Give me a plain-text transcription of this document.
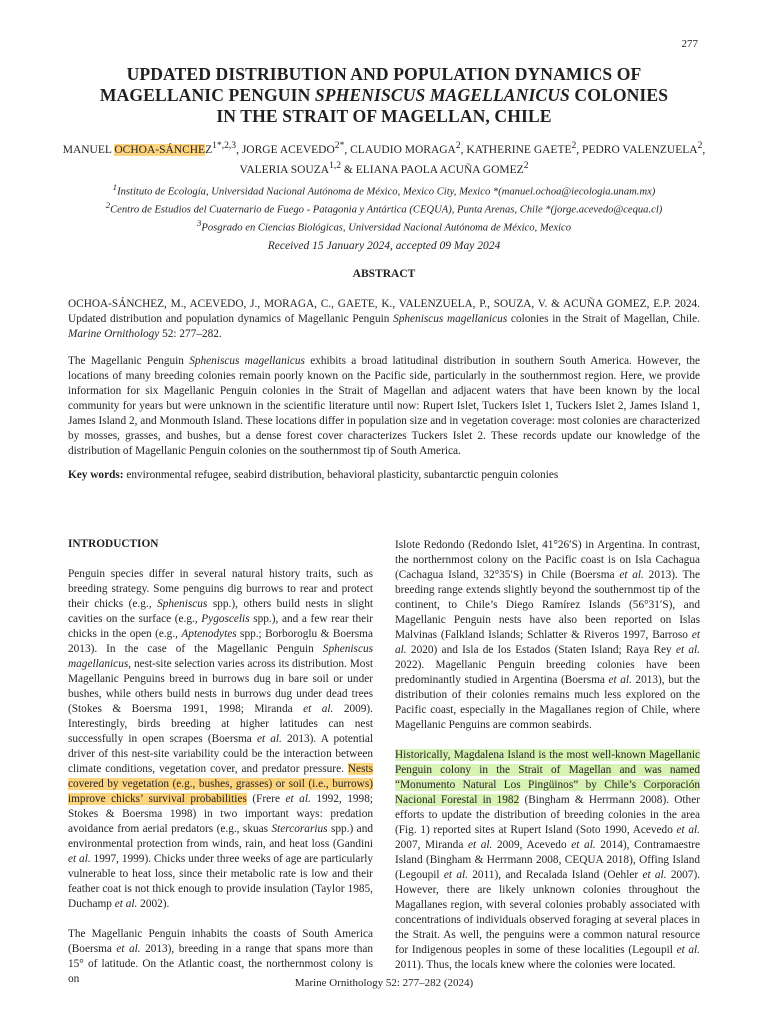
277
UPDATED DISTRIBUTION AND POPULATION DYNAMICS OF
MAGELLANIC PENGUIN SPHENISCUS MAGELLANICUS COLONIES
IN THE STRAIT OF MAGELLAN, CHILE
MANUEL OCHOA-$SÁNCHEZ^{1*,2,3}$, JORGE $ACEVEDO^{2*}$, CLAUDIO MORAGA$^2$, KATHERINE GAETE$^2$, PEDRO VALENZUELA$^2$,
VALERIA SOUZA$^{1,2}$ & ELIANA PAOLA ACUÑA GOMEZ$^2$
$^1$Instituto de Ecología, Universidad Nacional Autónoma de México, Mexico City, Mexico *(manuel.ochoa@iecologia.unam.mx)
$^2$Centro de Estudios del Cuaternario de Fuego - Patagonia y Antártica (CEQUA), Punta Arenas, Chile *(jorge.acevedo@cequa.cl)
$^3$Posgrado en Ciencias Biológicas, Universidad Nacional Autónoma de México, Mexico
Received 15 January 2024, accepted 09 May 2024
ABSTRACT
OCHOA-SÁNCHEZ, M., ACEVEDO, J., MORAGA, C., GAETE, K., VALENZUELA, P., SOUZA, V. & ACUÑA GOMEZ, E.P. 2024. Updated distribution and population dynamics of Magellanic Penguin Spheniscus magellanicus colonies in the Strait of Magellan, Chile. Marine Ornithology 52: 277–282.
The Magellanic Penguin Spheniscus magellanicus exhibits a broad latitudinal distribution in southern South America. However, the locations of many breeding colonies remain poorly known on the Pacific side, particularly in the southernmost region. Here, we provide information for six Magellanic Penguin colonies in the Strait of Magellan and adjacent waters that have been known by the local community for years but were unknown in the scientific literature until now: Rupert Islet, Tuckers Islet 1, Tuckers Islet 2, James Island 1, James Island 2, and Monmouth Island. These locations differ in population size and in vegetation coverage: most colonies are characterized by mosses, grasses, and bushes, but a dense forest cover characterizes Tuckers Islet 2. These records update our knowledge of the distribution of Magellanic Penguin colonies on the southernmost tip of South America.
Key words: environmental refugee, seabird distribution, behavioral plasticity, subantarctic penguin colonies

INTRODUCTION

Penguin species differ in several natural history traits, such as breeding strategy. Some penguins dig burrows to rear and protect their chicks (e.g., Spheniscus spp.), others build nests in slight cavities on the surface (e.g., Pygoscelis spp.), and a few rear their chicks in the open (e.g., Aptenodytes spp.; Borboroglu & Boersma 2013). In the case of the Magellanic Penguin Spheniscus magellanicus, nest-site selection varies across its distribution. Most Magellanic Penguins breed in burrows dug in bare soil or under bushes, while others build nests in burrows dug under dead trees (Stokes & Boersma 1991, 1998; Miranda et al. 2009). Interestingly, birds breeding at higher latitudes can nest successfully in open scrapes (Boersma et al. 2013). A potential driver of this nest-site variability could be the interaction between climate conditions, vegetation cover, and predator pressure. Nests covered by vegetation (e.g., bushes, grasses) or soil (i.e., burrows) improve chicks’ survival probabilities (Frere et al. 1992, 1998; Stokes & Boersma 1998) in two important ways: predation avoidance from aerial predators (e.g., skuas Stercorarius spp.) and environmental protection from winds, rain, and heat loss (Gandini et al. 1997, 1999). Chicks under three weeks of age are particularly vulnerable to heat loss, since their metabolic rate is low and their feather coat is not thick enough to provide insulation (Taylor 1985, Duchamp et al. 2002).

The Magellanic Penguin inhabits the coasts of South America (Boersma et al. 2013), breeding in a range that spans more than 15° of latitude. On the Atlantic coast, the northernmost colony is on

Islote Redondo (Redondo Islet, 41°26′S) in Argentina. In contrast, the northernmost colony on the Pacific coast is on Isla Cachagua (Cachagua Island, 32°35′S) in Chile (Boersma et al. 2013). The breeding range extends slightly beyond the southernmost tip of the continent, to Chile’s Diego Ramírez Islands (56°31′S), and Magellanic Penguin nests have also been reported on Islas Malvinas (Falkland Islands; Schlatter & Riveros 1997, Barroso et al. 2020) and Isla de los Estados (Staten Island; Raya Rey et al. 2022). Magellanic Penguin breeding colonies have been predominantly studied in Argentina (Boersma et al. 2013), but the distribution of their colonies remains much less explored on the Pacific coast, especially in the Magallanes region of Chile, where Magellanic Penguins are common seabirds.

Historically, Magdalena Island is the most well-known Magellanic Penguin colony in the Strait of Magellan and was named “Monumento Natural Los Pingüinos” by Chile’s Corporación Nacional Forestal in 1982 (Bingham & Herrmann 2008). Other efforts to update the distribution of breeding colonies in the area (Fig. 1) reported sites at Rupert Island (Soto 1990, Acevedo et al. 2007, Miranda et al. 2009, Acevedo et al. 2014), Contramaestre Island (Bingham & Herrmann 2008, CEQUA 2018), Offing Island (Legoupil et al. 2011), and Recalada Island (Oehler et al. 2007). However, there are likely unknown colonies throughout the Magallanes region, with several colonies probably associated with concentrations of individuals observed foraging at several places in the Strait. As well, the penguins were a common natural resource for Indigenous peoples in some of these localities (Legoupil et al. 2011). Thus, the locals knew where the colonies were located.

Marine Ornithology 52: 277–282 (2024)
